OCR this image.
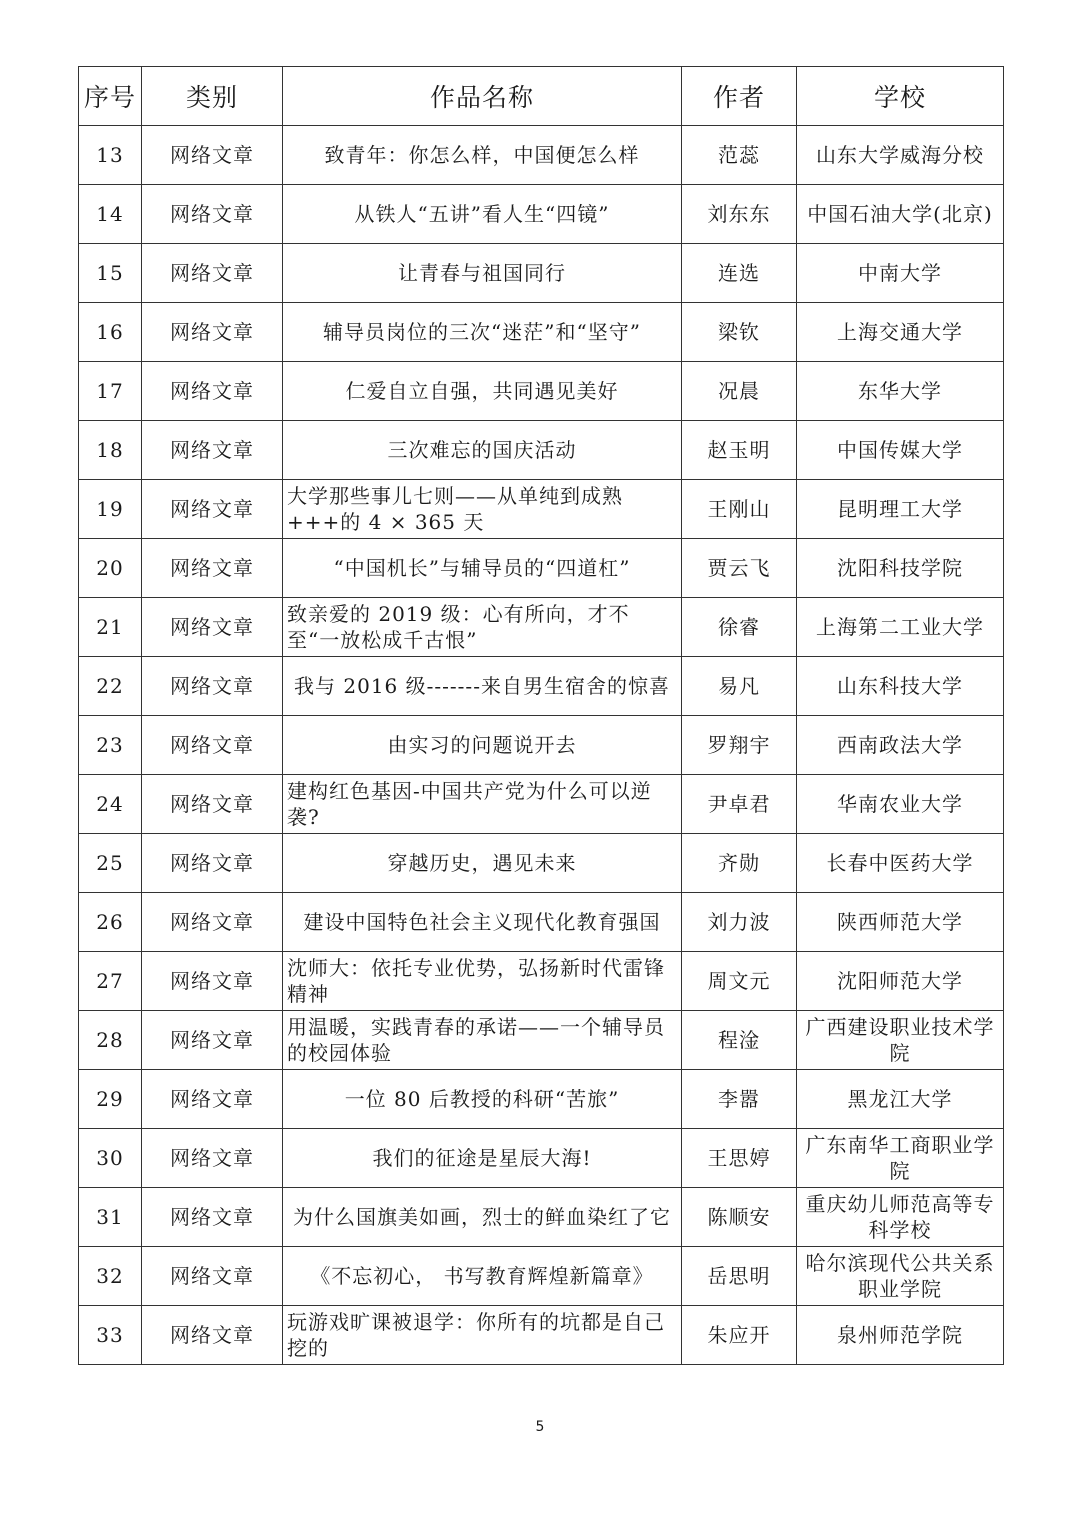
序号	类别	作品名称	作者	学校
13	网络文章	致青年：你怎么样，中国便怎么样	范蕊	山东大学威海分校
14	网络文章	从铁人“五讲”看人生“四镜”	刘东东	中国石油大学(北京)
15	网络文章	让青春与祖国同行	连选	中南大学
16	网络文章	辅导员岗位的三次“迷茫”和“坚守”	梁钦	上海交通大学
17	网络文章	仁爱自立自强，共同遇见美好	况晨	东华大学
18	网络文章	三次难忘的国庆活动	赵玉明	中国传媒大学
19	网络文章	大学那些事儿七则——从单纯到成熟+++的 4 × 365 天	王刚山	昆明理工大学
20	网络文章	“中国机长”与辅导员的“四道杠”	贾云飞	沈阳科技学院
21	网络文章	致亲爱的 2019 级：心有所向，才不至“一放松成千古恨”	徐睿	上海第二工业大学
22	网络文章	我与 2016 级-------来自男生宿舍的惊喜	易凡	山东科技大学
23	网络文章	由实习的问题说开去	罗翔宇	西南政法大学
24	网络文章	建构红色基因-中国共产党为什么可以逆袭?	尹卓君	华南农业大学
25	网络文章	穿越历史，遇见未来	齐勋	长春中医药大学
26	网络文章	建设中国特色社会主义现代化教育强国	刘力波	陕西师范大学
27	网络文章	沈师大：依托专业优势，弘扬新时代雷锋精神	周文元	沈阳师范大学
28	网络文章	用温暖，实践青春的承诺——一个辅导员的校园体验	程淦	广西建设职业技术学院
29	网络文章	一位 80 后教授的科研“苦旅”	李嚣	黑龙江大学
30	网络文章	我们的征途是星辰大海!	王思婷	广东南华工商职业学院
31	网络文章	为什么国旗美如画，烈士的鲜血染红了它	陈顺安	重庆幼儿师范高等专科学校
32	网络文章	《不忘初心， 书写教育辉煌新篇章》	岳思明	哈尔滨现代公共关系职业学院
33	网络文章	玩游戏旷课被退学：你所有的坑都是自己挖的	朱应开	泉州师范学院
5
